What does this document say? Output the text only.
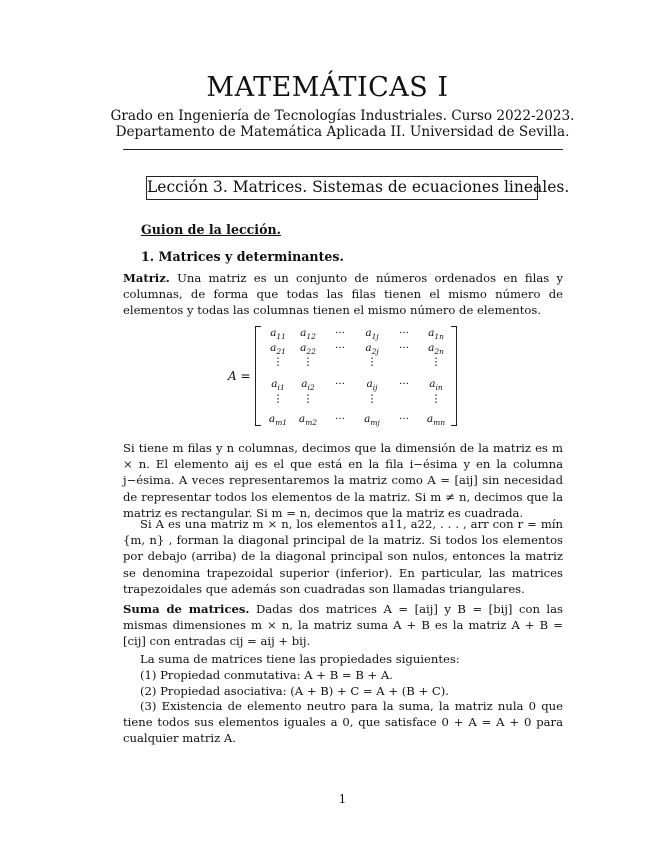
MATEMÁTICAS I
Grado en Ingeniería de Tecnologías Industriales. Curso 2022-2023.
Departamento de Matemática Aplicada II. Universidad de Sevilla.
Lección 3. Matrices. Sistemas de ecuaciones lineales.
Guion de la lección.
1. Matrices y determinantes.
Matriz. Una matriz es un conjunto de números ordenados en filas y columnas, de forma que todas las filas tienen el mismo número de elementos y todas las columnas tienen el mismo número de elementos.
A =
$a_{11}$	$a_{12}$	···	$a_{1j}$	···	$a_{1n}$
$a_{21}$	$a_{22}$	···	$a_{2j}$	···	$a_{2n}$
⋮	⋮	⋮	⋮
$a_{i1}$	$a_{i2}$	···	$a_{ij}$	···	$a_{in}$
⋮	⋮	⋮	⋮
$a_{m1}$	$a_{m2}$	···	$a_{mj}$	···	$a_{mn}$
Si tiene m filas y n columnas, decimos que la dimensión de la matriz es m × n. El elemento aij es el que está en la fila i−ésima y en la columna j−ésima. A veces representaremos la matriz como A = [aij] sin necesidad de representar todos los elementos de la matriz. Si m ≠ n, decimos que la matriz es rectangular. Si m = n, decimos que la matriz es cuadrada.
Si A es una matriz m × n, los elementos a11, a22, . . . , arr con r = mín {m, n} , forman la diagonal principal de la matriz. Si todos los elementos por debajo (arriba) de la diagonal principal son nulos, entonces la matriz se denomina trapezoidal superior (inferior). En particular, las matrices trapezoidales que además son cuadradas son llamadas triangulares.
Suma de matrices. Dadas dos matrices A = [aij] y B = [bij] con las mismas dimensiones m × n, la matriz suma A + B es la matriz A + B = [cij] con entradas cij = aij + bij.
La suma de matrices tiene las propiedades siguientes:
(1) Propiedad conmutativa: A + B = B + A.
(2) Propiedad asociativa: (A + B) + C = A + (B + C).
(3) Existencia de elemento neutro para la suma, la matriz nula 0 que tiene todos sus elementos iguales a 0, que satisface 0 + A = A + 0 para cualquier matriz A.
1
